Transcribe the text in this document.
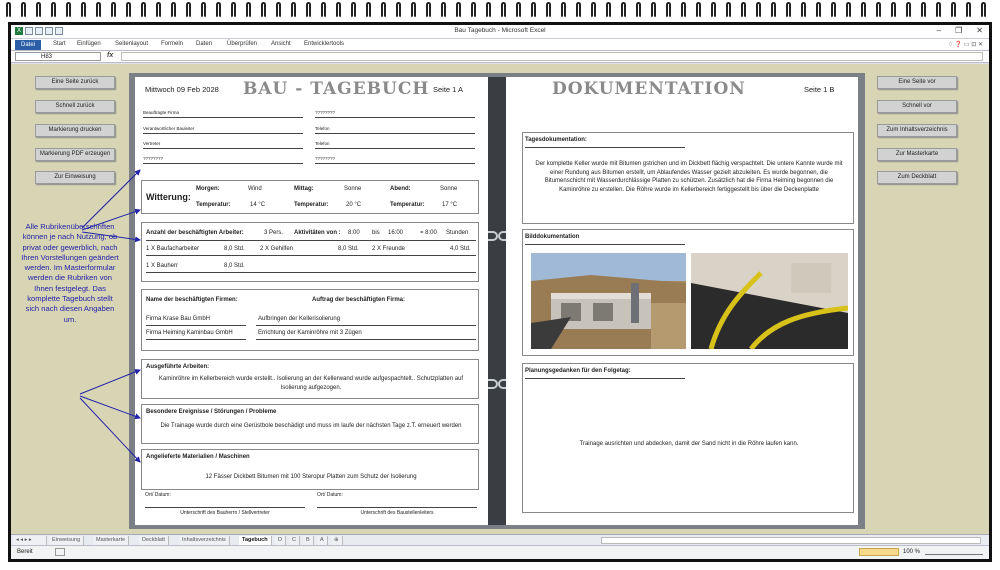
X	Bau Tagebuch - Microsoft Excel	– ❐ ✕
Datei	Start Einfügen Seitenlayout Formeln Daten Überprüfen Ansicht Entwicklertools	♢ ❓ ▭ ⊡ ✕
H83	fx
Eine Seite zurück
Schnell zurück
Markierung drucken
Markierung PDF erzeugen
Zur Einweisung
Eine Seite vor
Schnell vor
Zum Inhaltsverzeichnis
Zur Masterkarte
Zum Deckblatt
Mittwoch 09 Feb 2028 BAU - TAGEBUCH Seite 1 A
Beauftragte Firma	????????
Verantwortlicher Bauleiter	Telefon
Vertreter	Telefon
????????	????????
Witterung:
Morgen:	Wind	Mittag:	Sonne	Abend:	Sonne
Temperatur:	14 °C	Temperatur:	20 °C	Temperatur:	17 °C
Anzahl der beschäftigten Arbeiter:	3 Pers. Aktivitäten von : 8:00 bis 16:00	= 8:00 Stunden
1 X Baufacharbeiter	8,0 Std.	2 X Gehilfen	8,0 Std. 2 X Freunde	4,0 Std.
1 X Bauherr	8,0 Std.
Name der beschäftigten Firmen:	Auftrag der beschäftigten Firma:
Firma Krase Bau GmbH	Aufbringen der Kellerisolierung
Firma Heiming Kaminbau GmbH	Errichtung der Kaminröhre mit 3 Zügen
Ausgeführte Arbeiten:
Kaminröhre im Kellerbereich wurde erstellt.. Isolierung an der Kellerwand wurde aufgespachtelt.. Schutzplatten auf Isolierung aufgezogen.
Besondere Ereignisse / Störungen / Probleme
Die Trainage wurde durch eine Gerüstbole beschädigt und muss im laufe der nächsten Tage z.T. erneuert werden
Angelieferte Materialien / Maschinen
12 Fässer Dickbett Bitumen mit 100 Steropur Platten zum Schutz der Isolierung
Ort/ Datum:	Ort/ Datum:
Unterschrift des Bauherrn / Stellvertreter	Unterschrift des Baustellenleiters
DOKUMENTATION	Seite 1 B
Tagesdokumentation:
Der komplette Keller wurde mit Bitumen gstrichen und im Dickbett flächig verspachtelt. Die untere Kannte wurde mit einer Rundung aus Bitumen erstellt, um Ablaufendes Wasser gezielt abzuleiten. Es wurde begonnen, die Bitumenschicht mit Wasserdurchlässige Platten zu schützen. Zusätzlich hat die Firma Heiming begonnen die Kaminröhre zu erstellen. Die Röhre wurde im Kellerbereich fertiggestellt bis über die Deckenplatte
Bilddokumentation
Planungsgedanken für den Folgetag:
Trainage ausrichten und abdecken, damit der Sand nicht in die Röhre laufen kann.
◂ ◂ ▸ ▸	Einweisung	Masterkarte	Deckblatt	Inhaltsverzeichnis	Tagebuch	D	C	B	A	⊕
Bereit	100 %
Alle Rubrikenüberschriften können je nach Nutzung, ob privat oder gewerblich, nach Ihren Vorstellungen geändert werden. Im Masterformular werden die Rubriken von Ihnen festgelegt. Das komplette Tagebuch stellt sich nach diesen Angaben um.
